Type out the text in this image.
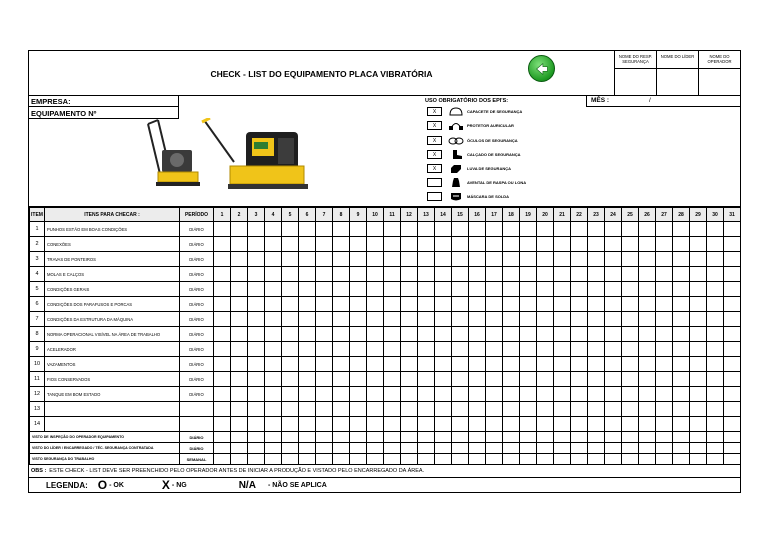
CHECK - LIST DO EQUIPAMENTO PLACA VIBRATÓRIA
NOME DO RESP. SEGURANÇA
NOME DO LÍDER	NOME DO OPERADOR
EMPRESA:
EQUIPAMENTO Nº
USO OBRIGATÓRIO DOS EPI'S:
X	CAPACETE DE SEGURANÇA
X	PROTETOR AURICULAR
X	ÓCULOS DE SEGURANÇA
X	CALÇADO DE SEGURANÇA
X	LUVA DE SEGURANÇA
AVENTAL DE RASPA OU LONA
MÁSCARA DE SOLDA
MÊS :	/
ITEM	ITENS PARA CHECAR :	PERÍODO	1	2	3	4	5	6	7	8	9	10	11	12	13	14	15	16	17	18	19	20	21	22	23	24	25	26	27	28	29	30	31
1	PUNHOS ESTÃO EM BOAS CONDIÇÕES	DIÁRIO																															
2	CONEXÕES	DIÁRIO																															
3	TRAVAS DE PONTEIROS	DIÁRIO																															
4	MOLAS E CALÇOS	DIÁRIO																															
5	CONDIÇÕES GERAIS	DIÁRIO																															
6	CONDIÇÕES DOS PARAFUSOS E PORCAS	DIÁRIO																															
7	CONDIÇÕES DA ESTRUTURA DA MÁQUINA	DIÁRIO																															
8	NORMA OPERACIONAL VISÍVEL NA ÁREA DE TRABALHO	DIÁRIO																															
9	ACELERADOR	DIÁRIO																															
10	VAZAMENTOS	DIÁRIO																															
11	FIOS CONSERVADOS	DIÁRIO																															
12	TANQUE EM BOM ESTADO	DIÁRIO																															
13																																	
14																																	
VISTO DE INSPEÇÃO DO OPERADOR EQUIPAMENTO		DIÁRIO																															
VISTO DO LÍDER / ENCARREGADO / TÉC. SEGURANÇA CONTRATADA		DIÁRIO																															
VISTO SEGURANÇA DO TRABALHO		SEMANAL																															
OBS : ESTE CHECK - LIST DEVE SER PREENCHIDO PELO OPERADOR ANTES DE INICIAR A PRODUÇÃO E VISTADO PELO ENCARREGADO DA ÁREA.
LEGENDA: O - OK	X - NG	N/A - NÃO SE APLICA
